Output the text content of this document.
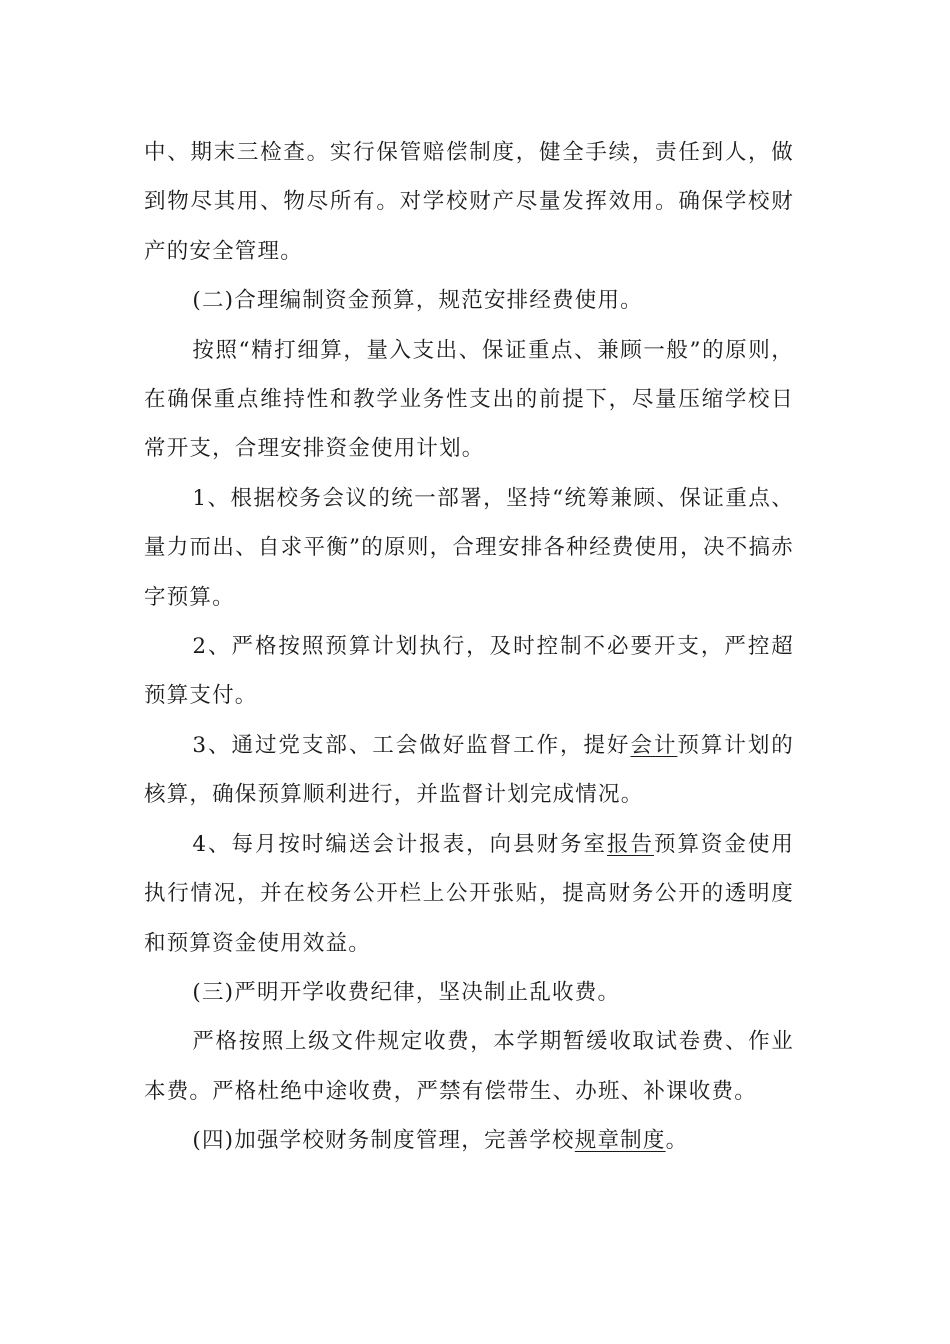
中、期末三检查。实行保管赔偿制度，健全手续，责任到人，做到物尽其用、物尽所有。对学校财产尽量发挥效用。确保学校财产的安全管理。

(二)合理编制资金预算，规范安排经费使用。

按照“精打细算，量入支出、保证重点、兼顾一般”的原则，在确保重点维持性和教学业务性支出的前提下，尽量压缩学校日常开支，合理安排资金使用计划。

1、根据校务会议的统一部署，坚持“统筹兼顾、保证重点、量力而出、自求平衡”的原则，合理安排各种经费使用，决不搞赤字预算。

2、严格按照预算计划执行，及时控制不必要开支，严控超预算支付。

3、通过党支部、工会做好监督工作，提好会计预算计划的核算，确保预算顺利进行，并监督计划完成情况。

4、每月按时编送会计报表，向县财务室报告预算资金使用执行情况，并在校务公开栏上公开张贴，提高财务公开的透明度和预算资金使用效益。

(三)严明开学收费纪律，坚决制止乱收费。

严格按照上级文件规定收费，本学期暂缓收取试卷费、作业本费。严格杜绝中途收费，严禁有偿带生、办班、补课收费。

(四)加强学校财务制度管理，完善学校规章制度。
